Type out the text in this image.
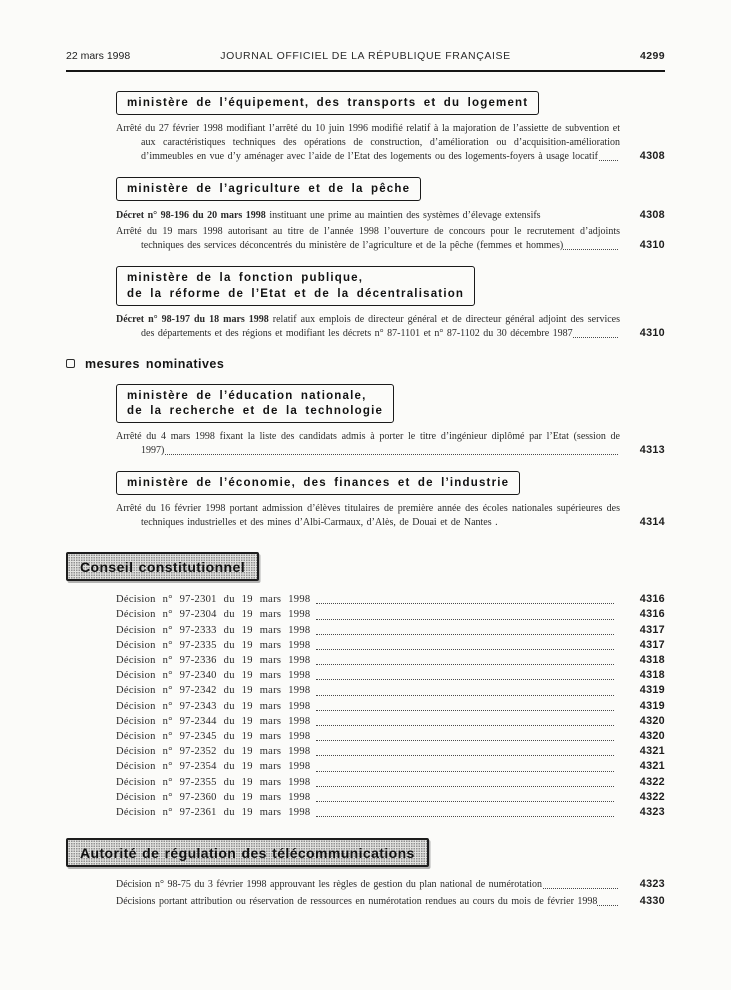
22 mars 1998	JOURNAL OFFICIEL DE LA RÉPUBLIQUE FRANÇAISE	4299
ministère de l’équipement, des transports et du logement
Arrêté du 27 février 1998 modifiant l’arrêté du 10 juin 1996 modifié relatif à la majoration de l’assiette de subvention et aux caractéristiques techniques des opérations de construction, d’amélioration ou d’acquisition-amélioration d’immeubles en vue d’y aménager avec l’aide de l’Etat des logements ou des logements-foyers à usage locatif	4308
ministère de l’agriculture et de la pêche
Décret n° 98-196 du 20 mars 1998 instituant une prime au maintien des systèmes d’élevage extensifs	4308
Arrêté du 19 mars 1998 autorisant au titre de l’année 1998 l’ouverture de concours pour le recrutement d’adjoints techniques des services déconcentrés du ministère de l’agriculture et de la pêche (femmes et hommes)	4310
ministère de la fonction publique,
de la réforme de l’Etat et de la décentralisation
Décret n° 98-197 du 18 mars 1998 relatif aux emplois de directeur général et de directeur général adjoint des services des départements et des régions et modifiant les décrets n° 87-1101 et n° 87-1102 du 30 décembre 1987	4310
mesures nominatives
ministère de l’éducation nationale,
de la recherche et de la technologie
Arrêté du 4 mars 1998 fixant la liste des candidats admis à porter le titre d’ingénieur diplômé par l’Etat (session de 1997)	4313
ministère de l’économie, des finances et de l’industrie
Arrêté du 16 février 1998 portant admission d’élèves titulaires de première année des écoles nationales supérieures des techniques industrielles et des mines d’Albi-Carmaux, d’Alès, de Douai et de Nantes .	4314
Conseil constitutionnel
Décision n° 97-2301 du 19 mars 1998	4316
Décision n° 97-2304 du 19 mars 1998	4316
Décision n° 97-2333 du 19 mars 1998	4317
Décision n° 97-2335 du 19 mars 1998	4317
Décision n° 97-2336 du 19 mars 1998	4318
Décision n° 97-2340 du 19 mars 1998	4318
Décision n° 97-2342 du 19 mars 1998	4319
Décision n° 97-2343 du 19 mars 1998	4319
Décision n° 97-2344 du 19 mars 1998	4320
Décision n° 97-2345 du 19 mars 1998	4320
Décision n° 97-2352 du 19 mars 1998	4321
Décision n° 97-2354 du 19 mars 1998	4321
Décision n° 97-2355 du 19 mars 1998	4322
Décision n° 97-2360 du 19 mars 1998	4322
Décision n° 97-2361 du 19 mars 1998	4323
Autorité de régulation des télécommunications
Décision n° 98-75 du 3 février 1998 approuvant les règles de gestion du plan national de numérotation	4323
Décisions portant attribution ou réservation de ressources en numérotation rendues au cours du mois de février 1998	4330
